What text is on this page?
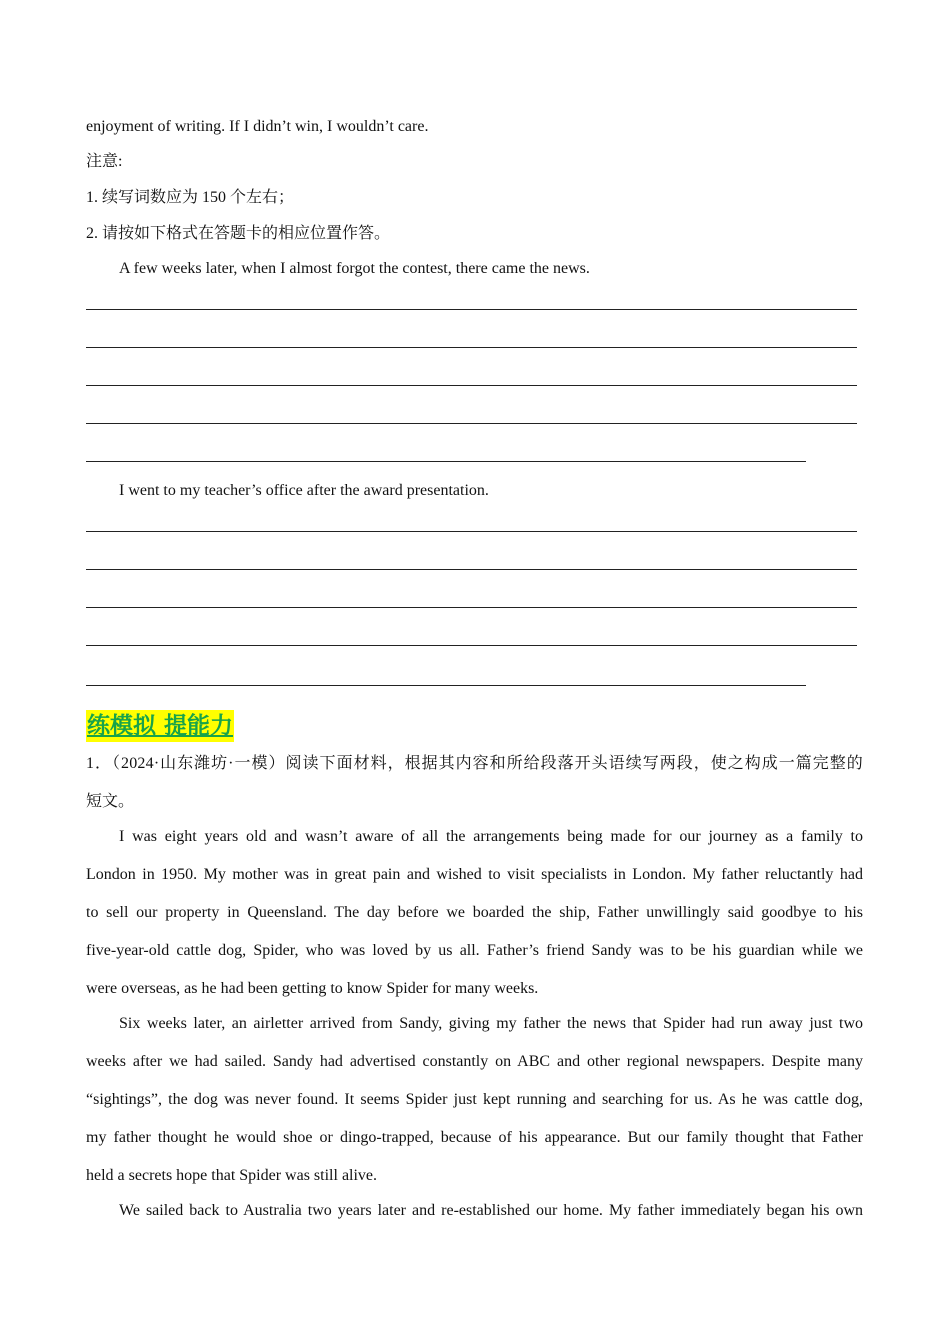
enjoyment of writing. If I didn’t win, I wouldn’t care.
注意:
1. 续写词数应为 150 个左右；
2. 请按如下格式在答题卡的相应位置作答。
A few weeks later, when I almost forgot the contest, there came the news.
I went to my teacher’s office after the award presentation.
练模拟 提能力
1．（2024·山东潍坊·一模）阅读下面材料，根据其内容和所给段落开头语续写两段，使之构成一篇完整的
短文。
I was eight years old and wasn’t aware of all the arrangements being made for our journey as a family to
London in 1950. My mother was in great pain and wished to visit specialists in London. My father reluctantly had
to sell our property in Queensland. The day before we boarded the ship, Father unwillingly said goodbye to his
five-year-old cattle dog, Spider, who was loved by us all. Father’s friend Sandy was to be his guardian while we
were overseas, as he had been getting to know Spider for many weeks.
Six weeks later, an airletter arrived from Sandy, giving my father the news that Spider had run away just two
weeks after we had sailed. Sandy had advertised constantly on ABC and other regional newspapers. Despite many
“sightings”, the dog was never found. It seems Spider just kept running and searching for us. As he was cattle dog,
my father thought he would shoe or dingo-trapped, because of his appearance. But our family thought that Father
held a secrets hope that Spider was still alive.
We sailed back to Australia two years later and re-established our home. My father immediately began his own
